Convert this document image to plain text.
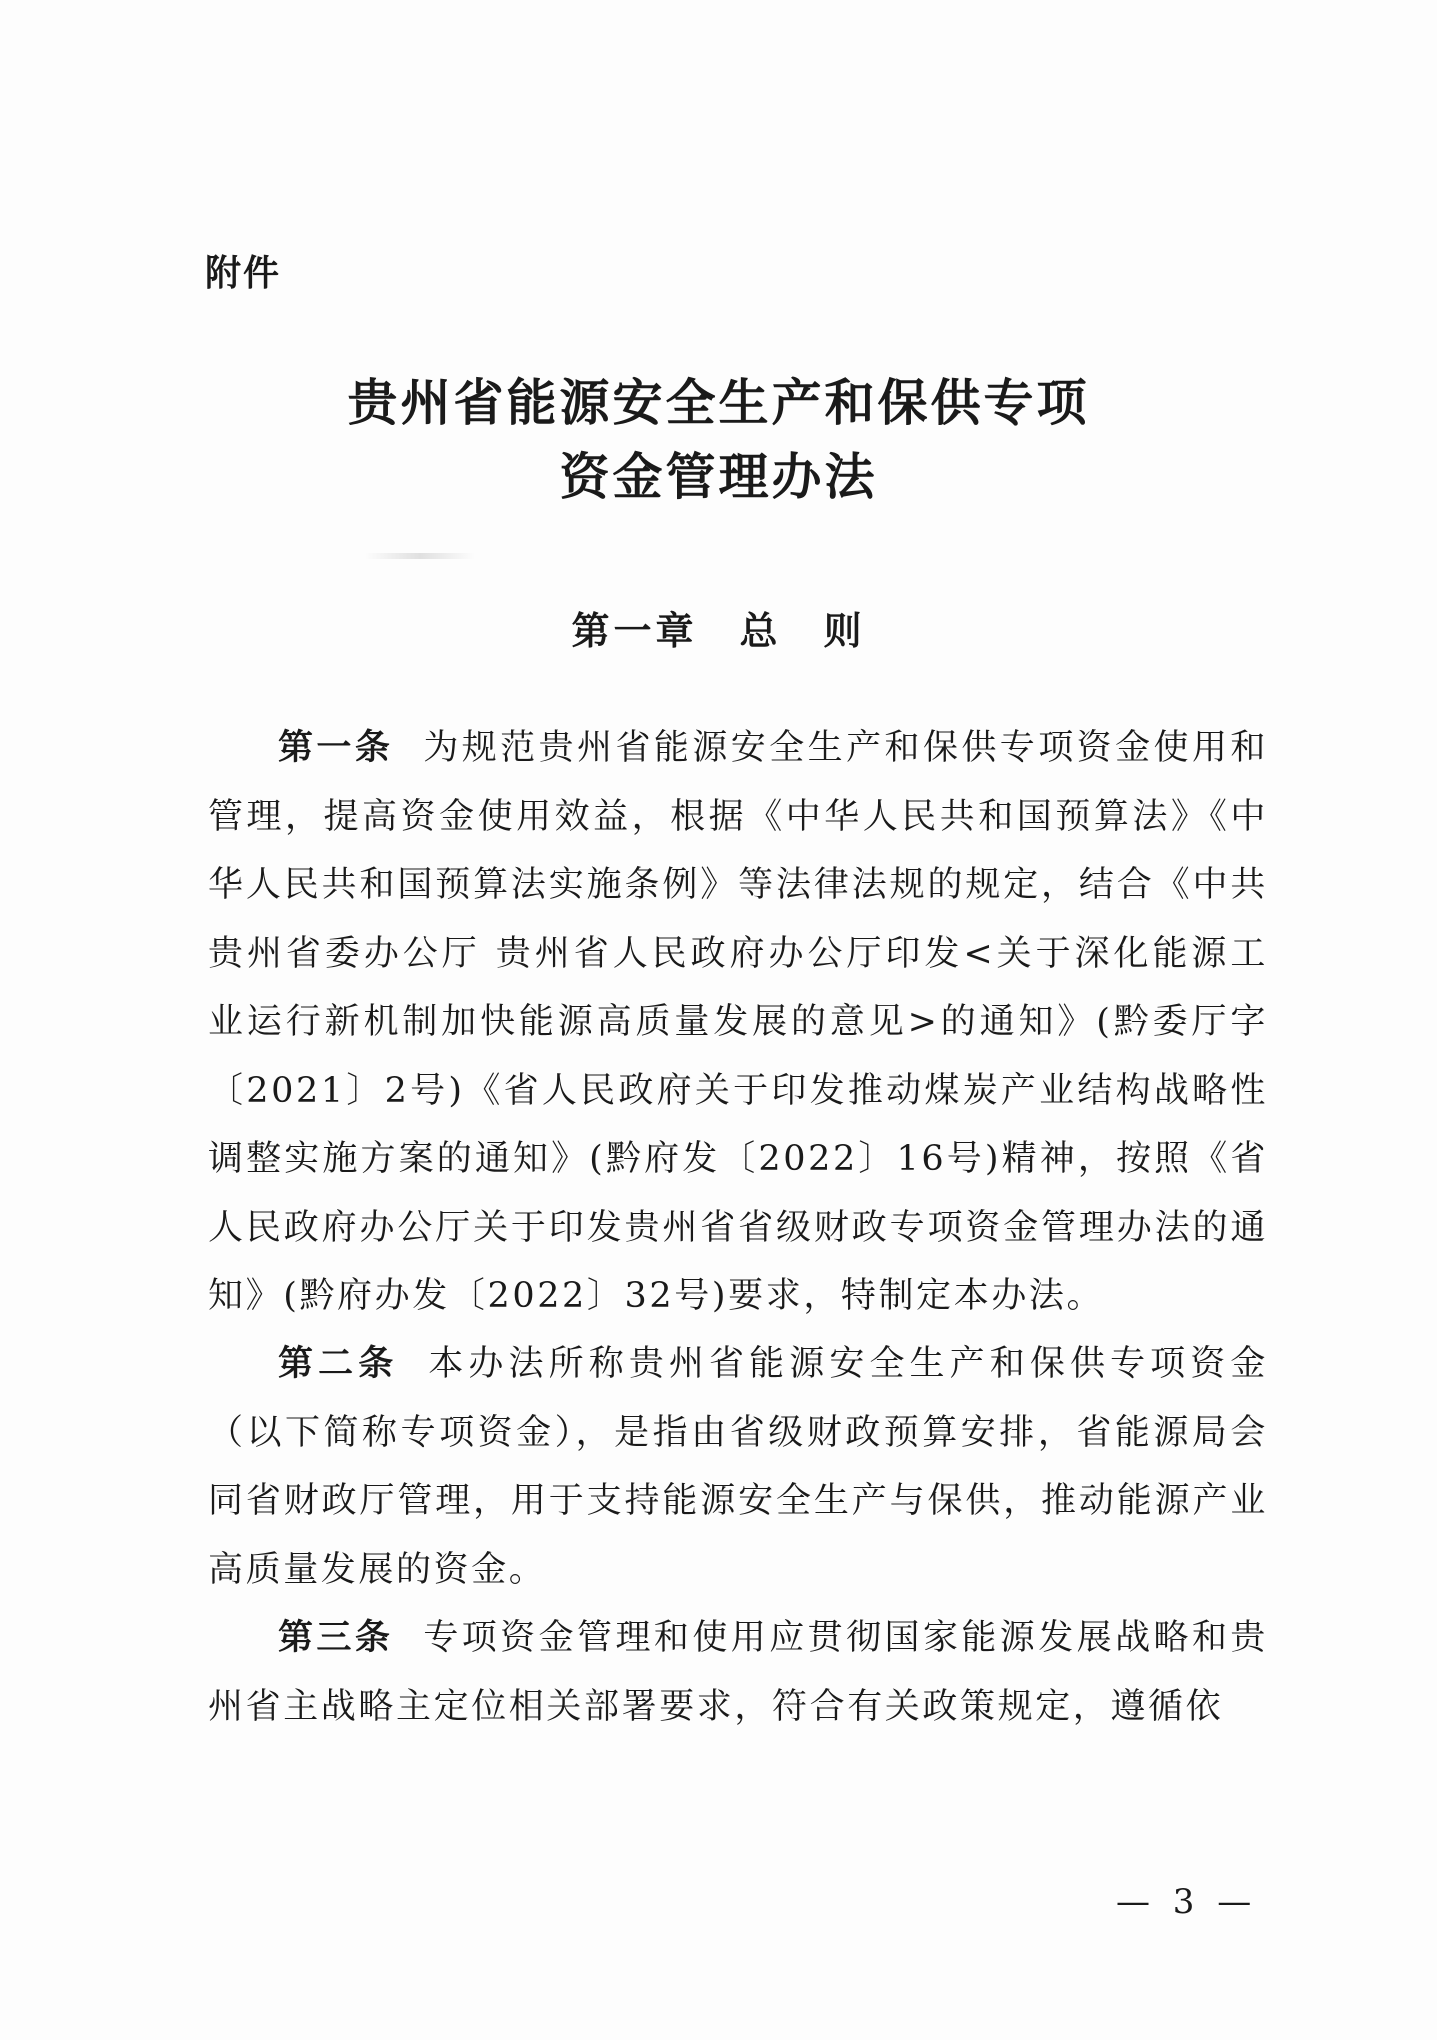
附件
贵州省能源安全生产和保供专项
资金管理办法
第一章　总　则

第一条 为规范贵州省能源安全生产和保供专项资金使用和管理，提高资金使用效益，根据《中华人民共和国预算法》《中华人民共和国预算法实施条例》等法律法规的规定，结合《中共贵州省委办公厅 贵州省人民政府办公厅印发<关于深化能源工业运行新机制加快能源高质量发展的意见>的通知》(黔委厅字〔2021〕2号)《省人民政府关于印发推动煤炭产业结构战略性调整实施方案的通知》(黔府发〔2022〕16号)精神，按照《省人民政府办公厅关于印发贵州省省级财政专项资金管理办法的通知》(黔府办发〔2022〕32号)要求，特制定本办法。

第二条 本办法所称贵州省能源安全生产和保供专项资金（以下简称专项资金），是指由省级财政预算安排，省能源局会同省财政厅管理，用于支持能源安全生产与保供，推动能源产业高质量发展的资金。

第三条 专项资金管理和使用应贯彻国家能源发展战略和贵州省主战略主定位相关部署要求，符合有关政策规定，遵循依

— 3 —
